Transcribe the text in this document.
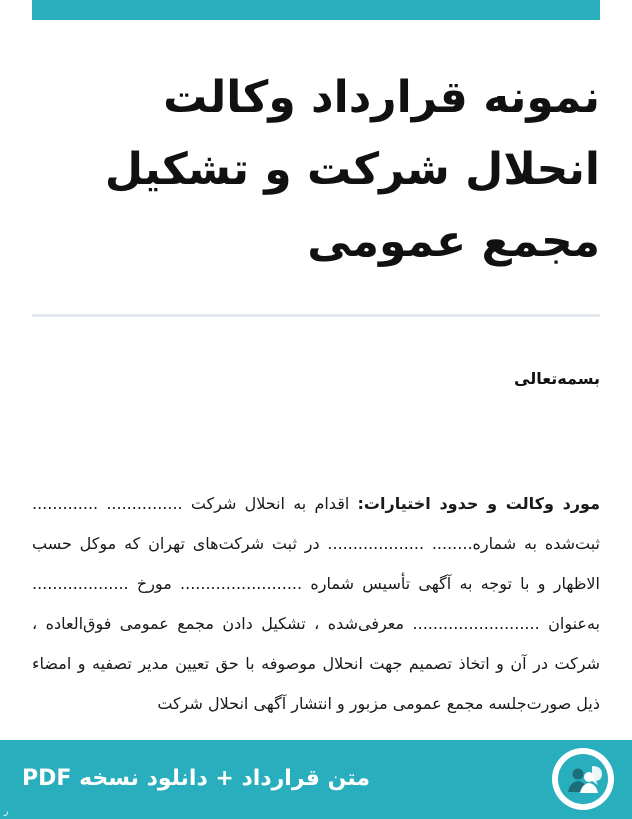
نمونه قرارداد وکالت انحلال شرکت و تشکیل مجمع عمومی
بسمه‌تعالی
مورد وکالت و حدود اختیارات: اقدام به انحلال شرکت ............... ............. ثبت‌شده به شماره........ ................... در ثبت شرکت‌های تهران که موکل حسب الاظهار و با توجه به آگهی تأسیس شماره ........................ مورخ ................... به‌عنوان ......................... معرفی‌شده ، تشکیل دادن مجمع عمومی فوق‌العاده ، شرکت در آن و اتخاذ تصمیم جهت انحلال موصوفه با حق تعیین مدیر تصفیه و امضاء ذیل صورت‌جلسه مجمع عمومی مزبور و انتشار آگهی انحلال شرکت
متن قرارداد + دانلود نسخه PDF
ر
